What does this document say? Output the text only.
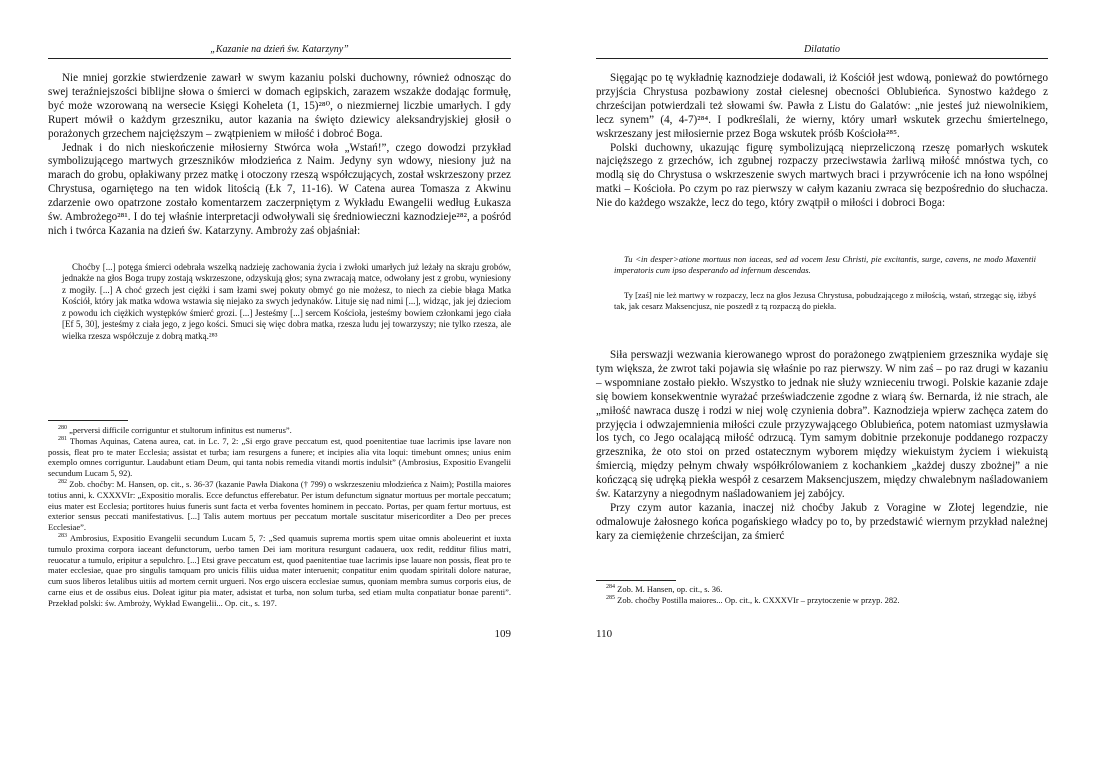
„Kazanie na dzień św. Katarzyny”

Nie mniej gorzkie stwierdzenie zawarł w swym kazaniu polski duchowny, również odnosząc do swej teraźniejszości biblijne słowa o śmierci w domach egipskich, zarazem wszakże dodając formułę, być może wzorowaną na wersecie Księgi Koheleta (1, 15)²⁸⁰, o niezmiernej liczbie umarłych. I gdy Rupert mówił o każdym grzeszniku, autor kazania na święto dziewicy aleksandryjskiej głosił o porażonych grzechem najcięższym – zwątpieniem w miłość i dobroć Boga.

Jednak i do nich nieskończenie miłosierny Stwórca woła „Wstań!”, czego dowodzi przykład symbolizującego martwych grzeszników młodzieńca z Naim. Jedyny syn wdowy, niesiony już na marach do grobu, opłakiwany przez matkę i otoczony rzeszą współczujących, został wskrzeszony przez Chrystusa, ogarniętego na ten widok litością (Łk 7, 11-16). W Catena aurea Tomasza z Akwinu zdarzenie owo opatrzone zostało komentarzem zaczerpniętym z Wykładu Ewangelii według Łukasza św. Ambrożego²⁸¹. I do tej właśnie interpretacji odwoływali się średniowieczni kaznodzieje²⁸², a pośród nich i twórca Kazania na dzień św. Katarzyny. Ambroży zaś objaśniał:

Choćby [...] potęga śmierci odebrała wszelką nadzieję zachowania życia i zwłoki umarłych już leżały na skraju grobów, jednakże na głos Boga trupy zostają wskrzeszone, odzyskują głos; syna zwracają matce, odwołany jest z grobu, wyniesiony z mogiły. [...] A choć grzech jest ciężki i sam łzami swej pokuty obmyć go nie możesz, to niech za ciebie błaga Matka Kościół, który jak matka wdowa wstawia się niejako za swych jedynaków. Lituje się nad nimi [...], widząc, jak jej dzieciom z powodu ich ciężkich występków śmierć grozi. [...] Jesteśmy [...] sercem Kościoła, jesteśmy bowiem członkami jego ciała [Ef 5, 30], jesteśmy z ciała jego, z jego kości. Smuci się więc dobra matka, rzesza ludu jej towarzyszy; nie tylko rzesza, ale wielka rzesza współczuje z dobrą matką.²⁸³

$^{280}$ „perversi difficile corriguntur et stultorum infinitus est numerus”.

$^{281}$ Thomas Aquinas, Catena aurea, cat. in Lc. 7, 2: „Si ergo grave peccatum est, quod poenitentiae tuae lacrimis ipse lavare non possis, fleat pro te mater Ecclesia; assistat et turba; iam resurgens a funere; et incipies alia vita loqui: timebunt omnes; unius enim exemplo omnes corriguntur. Laudabunt etiam Deum, qui tanta nobis remedia vitandi mortis indulsit” (Ambrosius, Expositio Evangelii secundum Lucam 5, 92).

$^{282}$ Zob. choćby: M. Hansen, op. cit., s. 36-37 (kazanie Pawła Diakona († 799) o wskrzeszeniu młodzieńca z Naim); Postilla maiores totius anni, k. CXXXVIr: „Expositio moralis. Ecce defunctus efferebatur. Per istum defunctum signatur mortuus per mortale peccatum; eius mater est Ecclesia; portitores huius funeris sunt facta et verba foventes hominem in peccato. Portas, per quam fertur mortuus, est exterior sensus peccati manifestativus. [...] Talis autem mortuus per peccatum mortale suscitatur misericorditer a Deo per preces Ecclesiae”.

$^{283}$ Ambrosius, Expositio Evangelii secundum Lucam 5, 7: „Sed quamuis suprema mortis spem uitae omnis aboleuerint et iuxta tumulo proxima corpora iaceant defunctorum, uerbo tamen Dei iam moritura resurgunt cadauera, uox redit, redditur filius matri, reuocatur a tumulo, eripitur a sepulchro. [...] Etsi grave peccatum est, quod paenitentiae tuae lacrimis ipse lauare non possis, fleat pro te mater ecclesiae, quae pro singulis tamquam pro unicis filiis uidua mater interuenit; conpatitur enim quodam spiritali dolore naturae, cum suos liberos letalibus uitiis ad mortem cernit urgueri. Nos ergo uiscera ecclesiae sumus, quoniam membra sumus corporis eius, de carne eius et de ossibus eius. Doleat igitur pia mater, adsistat et turba, non solum turba, sed etiam multa conpatiatur bonae parenti”. Przekład polski: św. Ambroży, Wykład Ewangelii... Op. cit., s. 197.

109
Dilatatio

Sięgając po tę wykładnię kaznodzieje dodawali, iż Kościół jest wdową, ponieważ do powtórnego przyjścia Chrystusa pozbawiony został cielesnej obecności Oblubieńca. Synostwo każdego z chrześcijan potwierdzali też słowami św. Pawła z Listu do Galatów: „nie jesteś już niewolnikiem, lecz synem” (4, 4-7)²⁸⁴. I podkreślali, że wierny, który umarł wskutek grzechu śmiertelnego, wskrzeszany jest miłosiernie przez Boga wskutek próśb Kościoła²⁸⁵.

Polski duchowny, ukazując figurę symbolizującą nieprzeliczoną rzeszę pomarłych wskutek najcięższego z grzechów, ich zgubnej rozpaczy przeciwstawia żarliwą miłość mnóstwa tych, co modlą się do Chrystusa o wskrzeszenie swych martwych braci i przywrócenie ich na łono wspólnej matki – Kościoła. Po czym po raz pierwszy w całym kazaniu zwraca się bezpośrednio do słuchacza. Nie do każdego wszakże, lecz do tego, który zwątpił o miłości i dobroci Boga:

Tu <in desper>atione mortuus non iaceas, sed ad vocem Iesu Christi, pie excitantis, surge, cavens, ne modo Maxentii imperatoris cum ipso desperando ad infernum descendas.

Ty [zaś] nie leż martwy w rozpaczy, lecz na głos Jezusa Chrystusa, pobudzającego z miłością, wstań, strzegąc się, iżbyś tak, jak cesarz Maksencjusz, nie poszedł z tą rozpaczą do piekła.

Siła perswazji wezwania kierowanego wprost do porażonego zwątpieniem grzesznika wydaje się tym większa, że zwrot taki pojawia się właśnie po raz pierwszy. W nim zaś – po raz drugi w kazaniu – wspomniane zostało piekło. Wszystko to jednak nie służy wznieceniu trwogi. Polskie kazanie zdaje się bowiem konsekwentnie wyrażać przeświadczenie zgodne z wiarą św. Bernarda, iż nie strach, ale „miłość nawraca duszę i rodzi w niej wolę czynienia dobra”. Kaznodzieja wpierw zachęca zatem do przyjęcia i odwzajemnienia miłości czule przyzywającego Oblubieńca, potem natomiast uzmysławia los tych, co Jego ocalającą miłość odrzucą. Tym samym dobitnie przekonuje poddanego rozpaczy grzesznika, że oto stoi on przed ostatecznym wyborem między wiekuistym życiem i wiekuistą śmiercią, między pełnym chwały współkrólowaniem z kochankiem „każdej duszy zbożnej” a nie kończącą się udręką piekła wespół z cesarzem Maksencjuszem, między chwalebnym naśladowaniem św. Katarzyny a niegodnym naśladowaniem jej zabójcy.

Przy czym autor kazania, inaczej niż choćby Jakub z Voragine w Złotej legendzie, nie odmalowuje żałosnego końca pogańskiego władcy po to, by przedstawić wiernym przykład należnej kary za ciemiężenie chrześcijan, za śmierć

$^{284}$ Zob. M. Hansen, op. cit., s. 36.

$^{285}$ Zob. choćby Postilla maiores... Op. cit., k. CXXXVIr – przytoczenie w przyp. 282.

110
